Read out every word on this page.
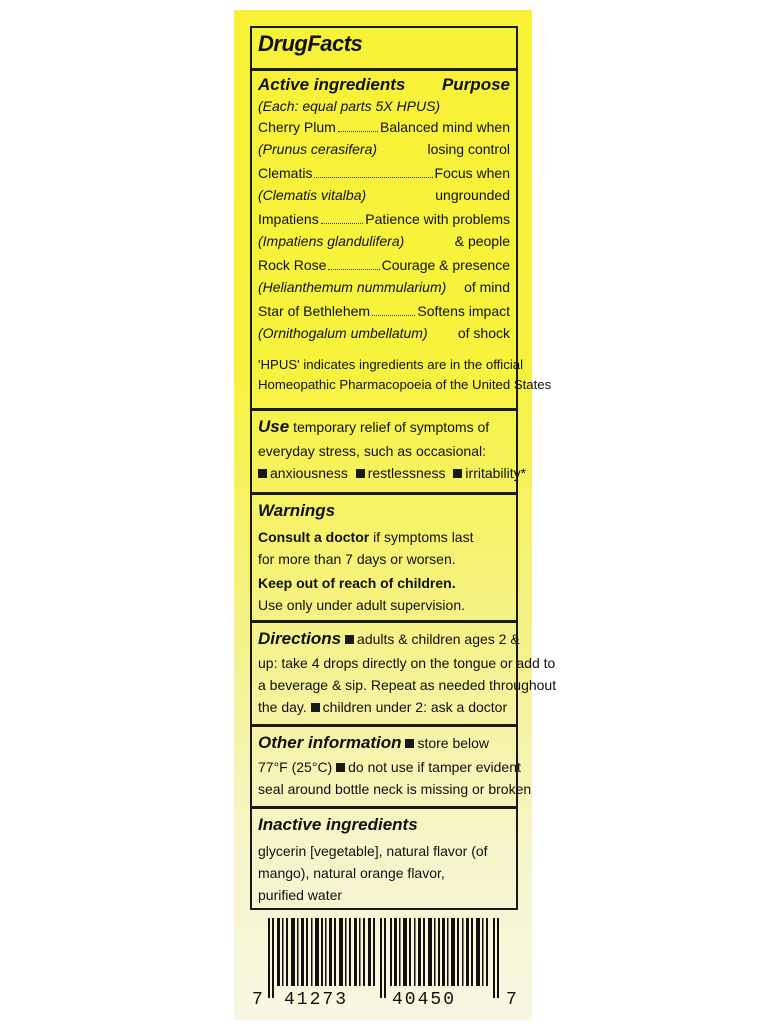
DrugFacts
Active ingredients Purpose
(Each: equal parts 5X HPUS)
Cherry Plum	Balanced mind when
(Prunus cerasifera)	losing control
Clematis	Focus when
(Clematis vitalba)	ungrounded
Impatiens	Patience with problems
(Impatiens glandulifera)	& people
Rock Rose	Courage & presence
(Helianthemum nummularium) of mind
Star of Bethlehem	Softens impact
(Ornithogalum umbellatum) of shock
'HPUS' indicates ingredients are in the official
Homeopathic Pharmacopoeia of the United States
Use temporary relief of symptoms of
everyday stress, such as occasional:
anxiousness restlessness irritability*
Warnings
Consult a doctor if symptoms last
for more than 7 days or worsen.
Keep out of reach of children.
Use only under adult supervision.
Directions adults & children ages 2 &
up: take 4 drops directly on the tongue or add to
a beverage & sip. Repeat as needed throughout
the day. children under 2: ask a doctor
Other information store below
77°F (25°C) do not use if tamper evident
seal around bottle neck is missing or broken
Inactive ingredients
glycerin [vegetable], natural flavor (of
mango), natural orange flavor,
purified water
7 41273 40450	7
